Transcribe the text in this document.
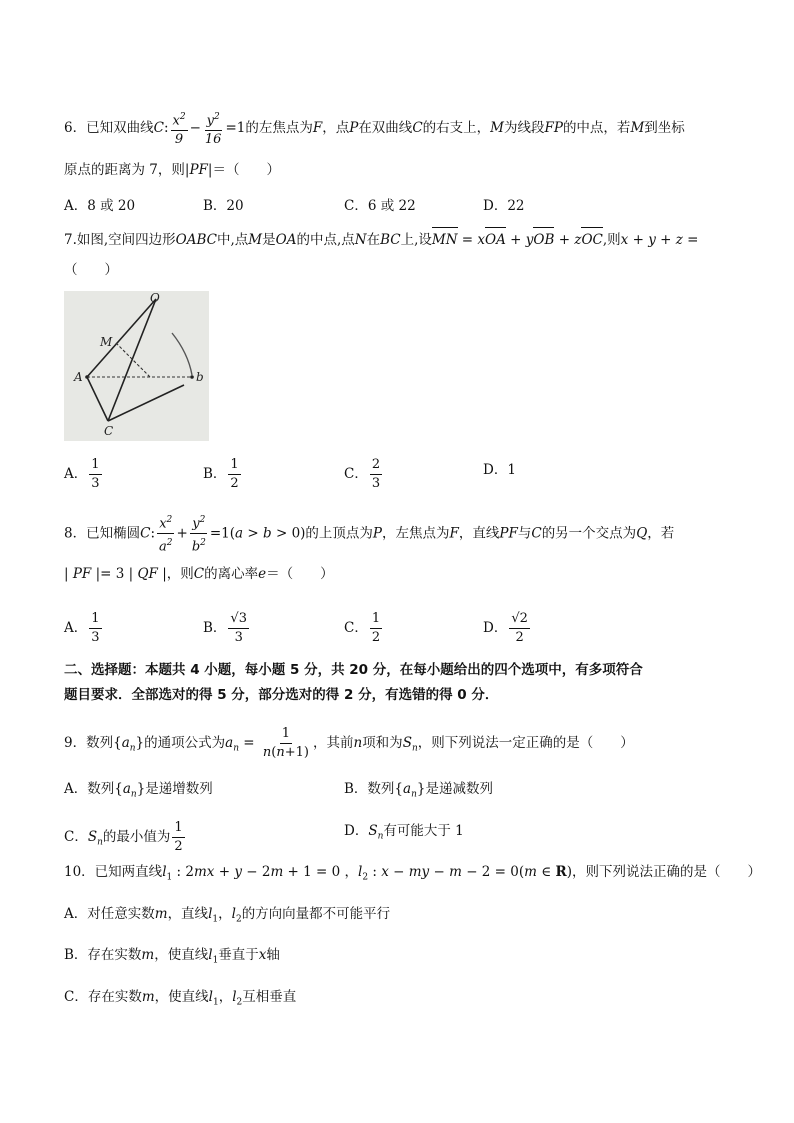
6．已知双曲线C: $\frac{x^2}{9} - \frac{y^2}{16} =1$的左焦点为F，点P在双曲线C的右支上，M为线段FP的中点，若M到坐标
原点的距离为 7，则|PF|＝（　　）
A．8 或 20	B．20	C．6 或 22	D．22
7.如图,空间四边形OABC中,点M是OA的中点,点N在BC上,设MN = xOA + yOB + zOC,则x + y + z =
（　　）
O
M
A	b
C
A． $\frac{1}{3}$	B． $\frac{1}{2}$	C． $\frac{2}{3}$	D．1
8．已知椭圆C: $\frac{x^2}{a^2} + \frac{y^2}{b^2} =1(a > b > 0)$的上顶点为P，左焦点为F，直线PF与C的另一个交点为Q，若
| PF |= 3 | QF |，则C的离心率e＝（　　）
A． $\frac{1}{3}$	B． $\frac{√3}{3}$	C． $\frac{1}{2}$	D． $\frac{√2}{2}$
二、选择题：本题共 4 小题，每小题 5 分，共 20 分，在每小题给出的四个选项中，有多项符合
题目要求．全部选对的得 5 分，部分选对的得 2 分，有选错的得 0 分．
9．数列$\{a_n\}$的通项公式为$a_n = \frac{1}{n(n+1)}$ ，其前n项和为$S_n$，则下列说法一定正确的是（　　）
A．数列$\{a_n\}$是递增数列	B．数列$\{a_n\}$是递减数列
C．$S_n$的最小值为 $\frac{1}{2}$	D．$S_n$有可能大于 1
10．已知两直线$l_1$ : 2mx + y − 2m + 1 = 0 ，$l_2$ : x − my − m − 2 = 0(m ∈ R)，则下列说法正确的是（　　）
A．对任意实数m，直线$l_1$，$l_2$的方向向量都不可能平行
B．存在实数m，使直线$l_1$垂直于x轴
C．存在实数m，使直线$l_1$，$l_2$互相垂直
